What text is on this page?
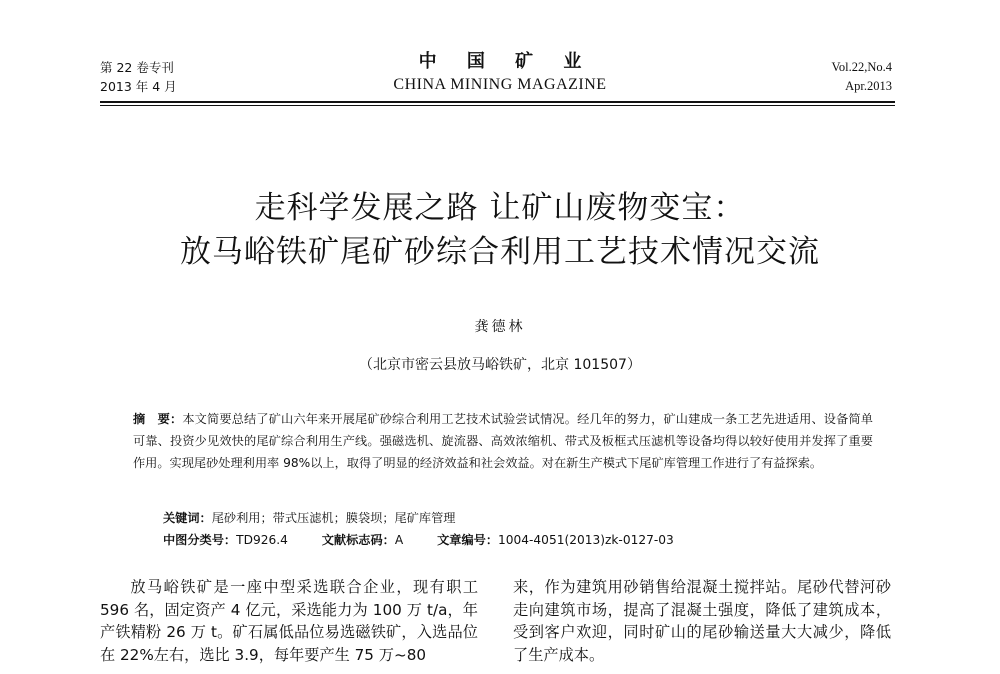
第 22 卷专刊
2013 年 4 月
中 国 矿 业
CHINA MINING MAGAZINE
Vol.22,No.4
Apr.2013
走科学发展之路 让矿山废物变宝：
放马峪铁矿尾矿砂综合利用工艺技术情况交流
龚德林
（北京市密云县放马峪铁矿，北京 101507）
摘　要：本文简要总结了矿山六年来开展尾矿砂综合利用工艺技术试验尝试情况。经几年的努力，矿山建成一条工艺先进适用、设备简单可靠、投资少见效快的尾矿综合利用生产线。强磁选机、旋流器、高效浓缩机、带式及板框式压滤机等设备均得以较好使用并发挥了重要作用。实现尾砂处理利用率 98%以上，取得了明显的经济效益和社会效益。对在新生产模式下尾矿库管理工作进行了有益探索。
关键词：尾砂利用；带式压滤机；膜袋坝；尾矿库管理
中图分类号：TD926.4	文献标志码：A	文章编号：1004-4051(2013)zk-0127-03
放马峪铁矿是一座中型采选联合企业，现有职工 596 名，固定资产 4 亿元，采选能力为 100 万 t/a，年产铁精粉 26 万 t。矿石属低品位易选磁铁矿，入选品位在 22%左右，选比 3.9，每年要产生 75 万~80
来，作为建筑用砂销售给混凝土搅拌站。尾砂代替河砂走向建筑市场，提高了混凝土强度，降低了建筑成本，受到客户欢迎，同时矿山的尾砂输送量大大减少，降低了生产成本。
